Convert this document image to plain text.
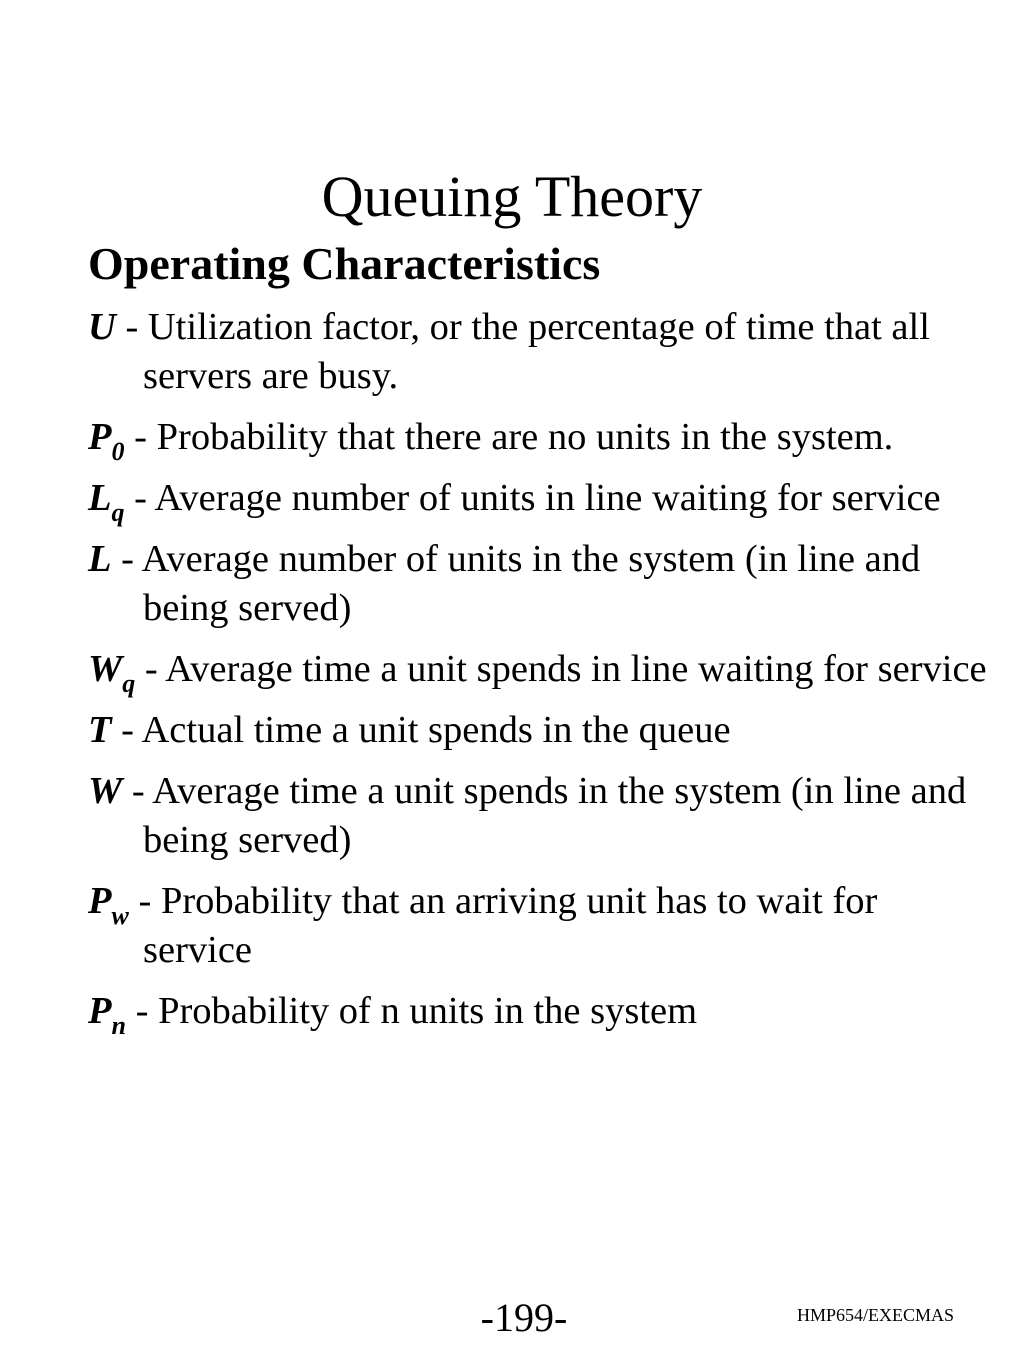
Queuing Theory
Operating Characteristics

U - Utilization factor, or the percentage of time that all servers are busy.

$P_0$ - Probability that there are no units in the system.

$L_q$ - Average number of units in line waiting for service

L - Average number of units in the system (in line and being served)

$W_q$ - Average time a unit spends in line waiting for service

T - Actual time a unit spends in the queue

W - Average time a unit spends in the system (in line and being served)

$P_w$ - Probability that an arriving unit has to wait for service

$P_n$ - Probability of n units in the system

-199-	HMP654/EXECMAS
